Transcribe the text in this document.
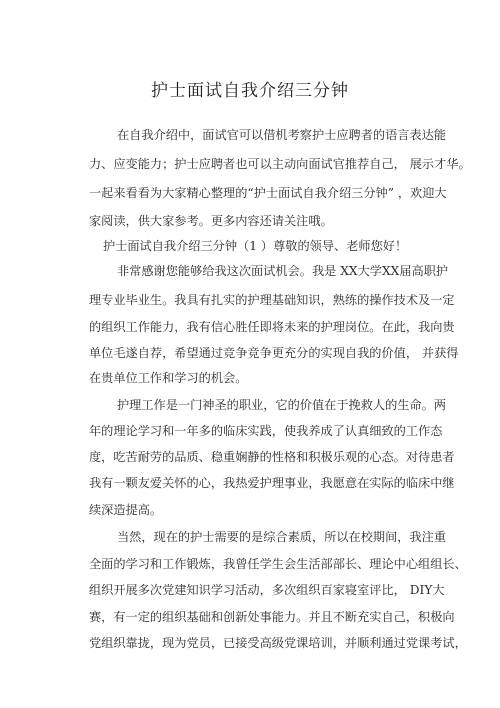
护士面试自我介绍三分钟
在自我介绍中，面试官可以借机考察护士应聘者的语言表达能
力、应变能力；护士应聘者也可以主动向面试官推荐自己， 展示才华。
一起来看看为大家精心整理的“护士面试自我介绍三分钟” ，欢迎大
家阅读，供大家参考。更多内容还请关注哦。
护士面试自我介绍三分钟（1 ）尊敬的领导、老师您好！
非常感谢您能够给我这次面试机会。我是 XX大学XX届高职护
理专业毕业生。我具有扎实的护理基础知识，熟练的操作技术及一定
的组织工作能力，我有信心胜任即将未来的护理岗位。在此，我向贵
单位毛遂自荐，希望通过竞争竞争更充分的实现自我的价值， 并获得
在贵单位工作和学习的机会。
护理工作是一门神圣的职业，它的价值在于挽救人的生命。两
年的理论学习和一年多的临床实践，使我养成了认真细致的工作态
度，吃苦耐劳的品质、稳重娴静的性格和积极乐观的心态。对待患者
我有一颗友爱关怀的心，我热爱护理事业，我愿意在实际的临床中继
续深造提高。
当然，现在的护士需要的是综合素质，所以在校期间，我注重
全面的学习和工作锻炼，我曾任学生会生活部部长、理论中心组组长、
组织开展多次党建知识学习活动，多次组织百家寝室评比， DIY大
赛，有一定的组织基础和创新处事能力。并且不断充实自己，积极向
党组织靠拢，现为党员，已接受高级党课培训，并顺利通过党课考试，
